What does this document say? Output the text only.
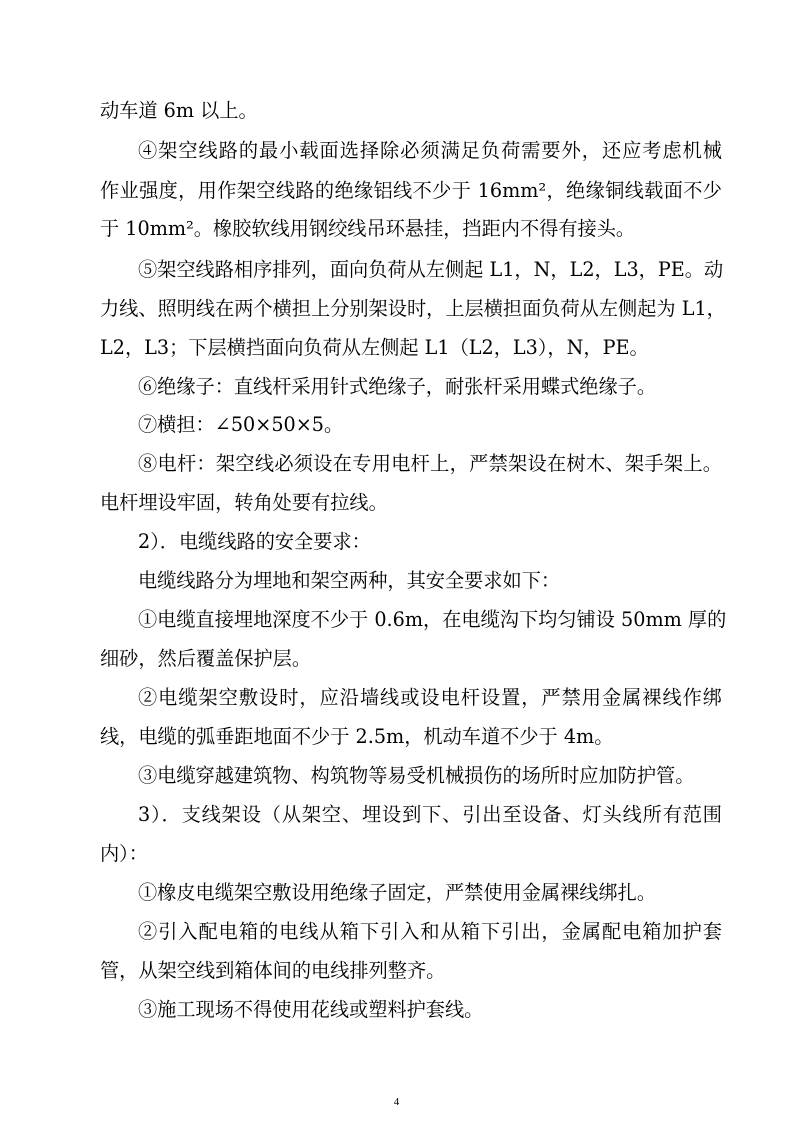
动车道 6m 以上。
④架空线路的最小载面选择除必须满足负荷需要外，还应考虑机械
作业强度，用作架空线路的绝缘铝线不少于 16mm²，绝缘铜线载面不少
于 10mm²。橡胶软线用钢绞线吊环悬挂，挡距内不得有接头。
⑤架空线路相序排列，面向负荷从左侧起 L1，N，L2，L3，PE。动
力线、照明线在两个横担上分别架设时，上层横担面负荷从左侧起为 L1，
L2，L3；下层横挡面向负荷从左侧起 L1（L2，L3），N，PE。
⑥绝缘子：直线杆采用针式绝缘子，耐张杆采用蝶式绝缘子。
⑦横担：∠50×50×5。
⑧电杆：架空线必须设在专用电杆上，严禁架设在树木、架手架上。
电杆埋设牢固，转角处要有拉线。
2）．电缆线路的安全要求：
电缆线路分为埋地和架空两种，其安全要求如下：
①电缆直接埋地深度不少于 0.6m，在电缆沟下均匀铺设 50mm 厚的
细砂，然后覆盖保护层。
②电缆架空敷设时，应沿墙线或设电杆设置，严禁用金属裸线作绑
线，电缆的弧垂距地面不少于 2.5m，机动车道不少于 4m。
③电缆穿越建筑物、构筑物等易受机械损伤的场所时应加防护管。
3）．支线架设（从架空、埋设到下、引出至设备、灯头线所有范围
内）：
①橡皮电缆架空敷设用绝缘子固定，严禁使用金属裸线绑扎。
②引入配电箱的电线从箱下引入和从箱下引出，金属配电箱加护套
管，从架空线到箱体间的电线排列整齐。
③施工现场不得使用花线或塑料护套线。
4
